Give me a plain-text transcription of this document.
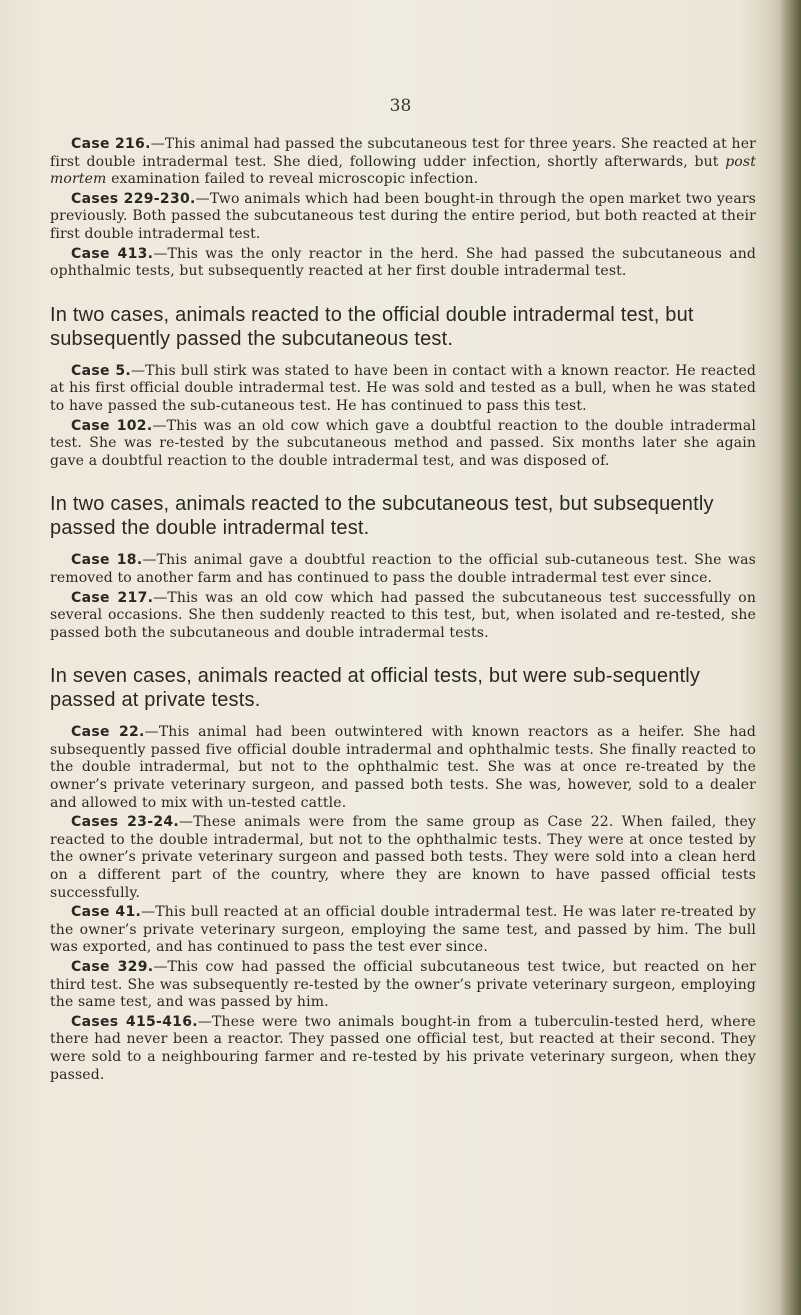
38

Case 216.—This animal had passed the subcutaneous test for three years. She reacted at her first double intradermal test. She died, following udder infection, shortly afterwards, but post mortem examination failed to reveal microscopic infection.

Cases 229-230.—Two animals which had been bought-in through the open market two years previously. Both passed the subcutaneous test during the entire period, but both reacted at their first double intradermal test.

Case 413.—This was the only reactor in the herd. She had passed the subcutaneous and ophthalmic tests, but subsequently reacted at her first double intradermal test.

In two cases, animals reacted to the official double intradermal test, but subsequently passed the subcutaneous test.

Case 5.—This bull stirk was stated to have been in contact with a known reactor. He reacted at his first official double intradermal test. He was sold and tested as a bull, when he was stated to have passed the sub-cutaneous test. He has continued to pass this test.

Case 102.—This was an old cow which gave a doubtful reaction to the double intradermal test. She was re-tested by the subcutaneous method and passed. Six months later she again gave a doubtful reaction to the double intradermal test, and was disposed of.

In two cases, animals reacted to the subcutaneous test, but subsequently passed the double intradermal test.

Case 18.—This animal gave a doubtful reaction to the official sub-cutaneous test. She was removed to another farm and has continued to pass the double intradermal test ever since.

Case 217.—This was an old cow which had passed the subcutaneous test successfully on several occasions. She then suddenly reacted to this test, but, when isolated and re-tested, she passed both the subcutaneous and double intradermal tests.

In seven cases, animals reacted at official tests, but were sub-sequently passed at private tests.

Case 22.—This animal had been outwintered with known reactors as a heifer. She had subsequently passed five official double intradermal and ophthalmic tests. She finally reacted to the double intradermal, but not to the ophthalmic test. She was at once re-treated by the owner’s private veterinary surgeon, and passed both tests. She was, however, sold to a dealer and allowed to mix with un-tested cattle.

Cases 23-24.—These animals were from the same group as Case 22. When failed, they reacted to the double intradermal, but not to the ophthalmic tests. They were at once tested by the owner’s private veterinary surgeon and passed both tests. They were sold into a clean herd on a different part of the country, where they are known to have passed official tests successfully.

Case 41.—This bull reacted at an official double intradermal test. He was later re-treated by the owner’s private veterinary surgeon, employing the same test, and passed by him. The bull was exported, and has continued to pass the test ever since.

Case 329.—This cow had passed the official subcutaneous test twice, but reacted on her third test. She was subsequently re-tested by the owner’s private veterinary surgeon, employing the same test, and was passed by him.

Cases 415-416.—These were two animals bought-in from a tuberculin-tested herd, where there had never been a reactor. They passed one official test, but reacted at their second. They were sold to a neighbouring farmer and re-tested by his private veterinary surgeon, when they passed.
